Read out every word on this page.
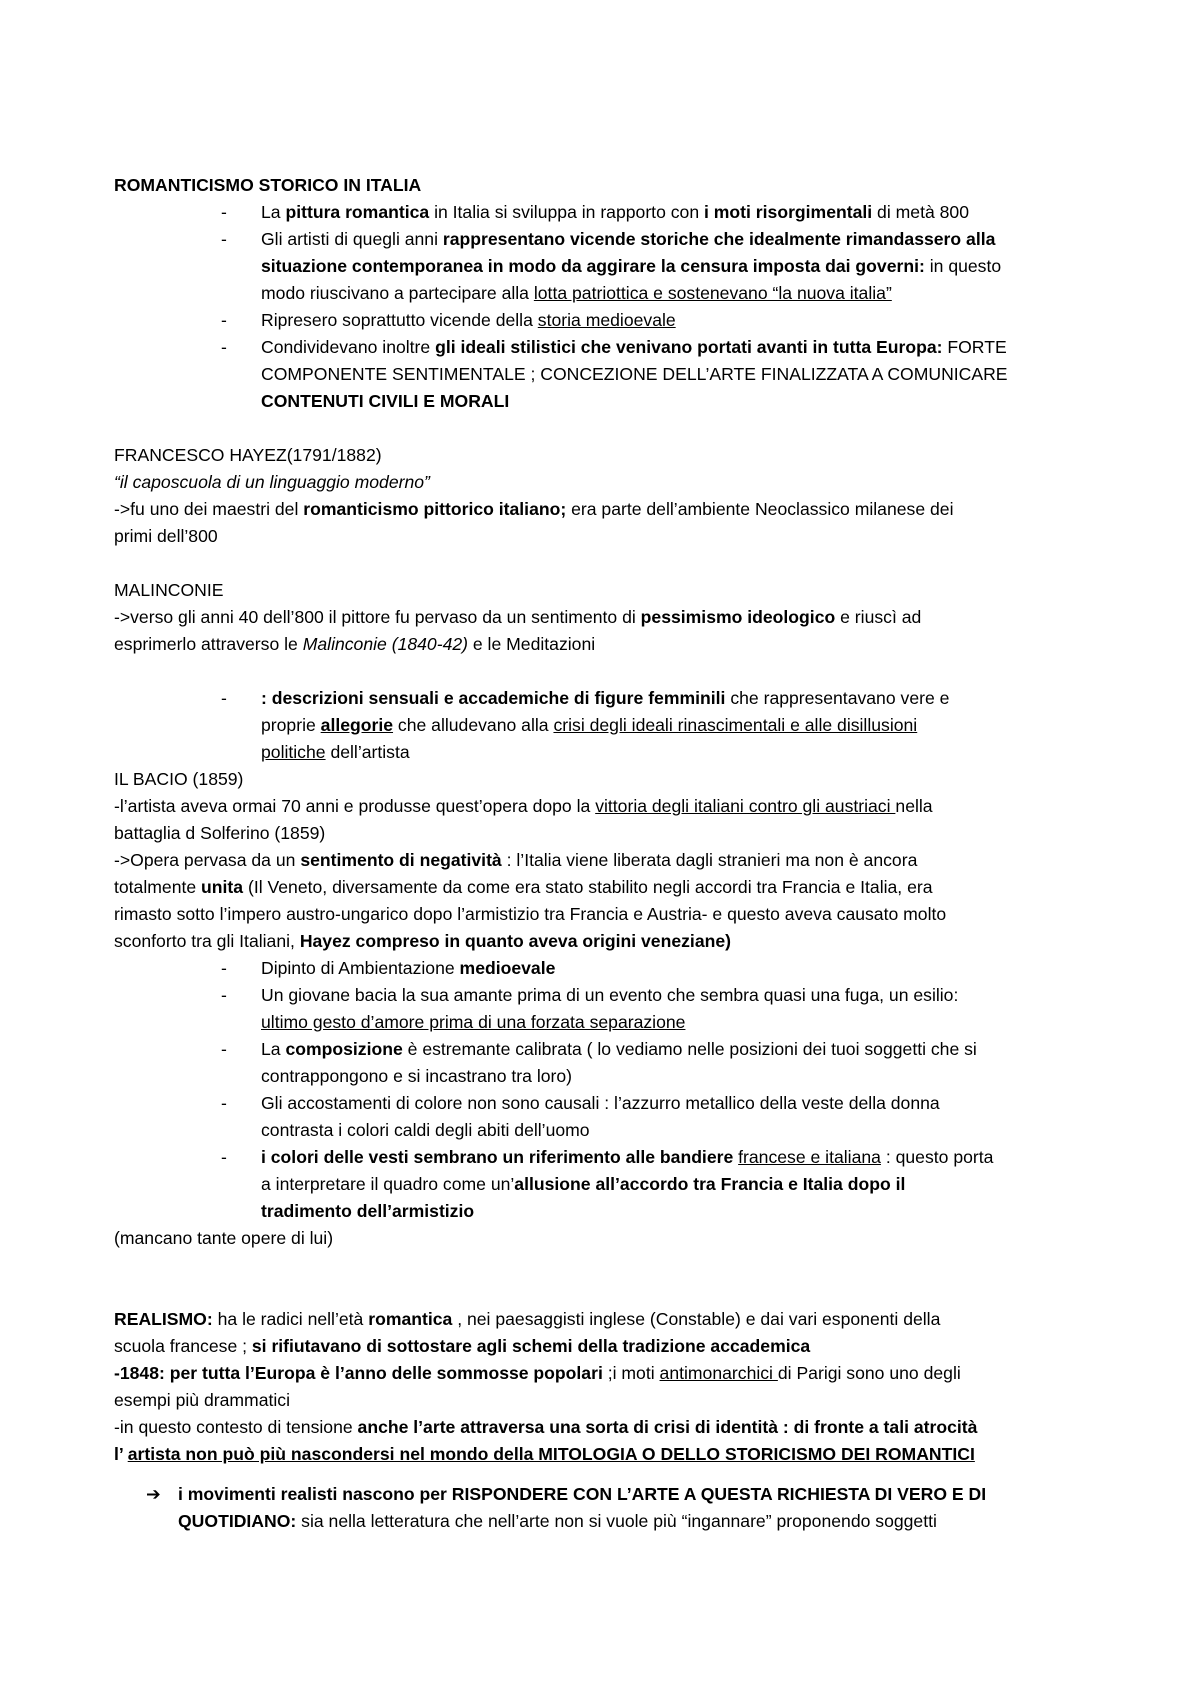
ROMANTICISMO STORICO IN ITALIA
- La pittura romantica in Italia si sviluppa in rapporto con i moti risorgimentali di metà 800
- Gli artisti di quegli anni rappresentano vicende storiche che idealmente rimandassero alla
situazione contemporanea in modo da aggirare la censura imposta dai governi: in questo
modo riuscivano a partecipare alla lotta patriottica e sostenevano “la nuova italia”
- Ripresero soprattutto vicende della storia medioevale
- Condividevano inoltre gli ideali stilistici che venivano portati avanti in tutta Europa: FORTE
COMPONENTE SENTIMENTALE ; CONCEZIONE DELL’ARTE FINALIZZATA A COMUNICARE
CONTENUTI CIVILI E MORALI
FRANCESCO HAYEZ(1791/1882)
“il caposcuola di un linguaggio moderno”
->fu uno dei maestri del romanticismo pittorico italiano; era parte dell’ambiente Neoclassico milanese dei
primi dell’800
MALINCONIE
->verso gli anni 40 dell’800 il pittore fu pervaso da un sentimento di pessimismo ideologico e riuscì ad
esprimerlo attraverso le Malinconie (1840-42) e le Meditazioni
- : descrizioni sensuali e accademiche di figure femminili che rappresentavano vere e
proprie allegorie che alludevano alla crisi degli ideali rinascimentali e alle disillusioni
politiche dell’artista
IL BACIO (1859)
-l’artista aveva ormai 70 anni e produsse quest’opera dopo la vittoria degli italiani contro gli austriaci nella
battaglia d Solferino (1859)
->Opera pervasa da un sentimento di negatività : l’Italia viene liberata dagli stranieri ma non è ancora
totalmente unita (Il Veneto, diversamente da come era stato stabilito negli accordi tra Francia e Italia, era
rimasto sotto l’impero austro-ungarico dopo l’armistizio tra Francia e Austria- e questo aveva causato molto
sconforto tra gli Italiani, Hayez compreso in quanto aveva origini veneziane)
- Dipinto di Ambientazione medioevale
- Un giovane bacia la sua amante prima di un evento che sembra quasi una fuga, un esilio:
ultimo gesto d’amore prima di una forzata separazione
- La composizione è estremante calibrata ( lo vediamo nelle posizioni dei tuoi soggetti che si
contrappongono e si incastrano tra loro)
- Gli accostamenti di colore non sono causali : l’azzurro metallico della veste della donna
contrasta i colori caldi degli abiti dell’uomo
- i colori delle vesti sembrano un riferimento alle bandiere francese e italiana : questo porta
a interpretare il quadro come un’allusione all’accordo tra Francia e Italia dopo il
tradimento dell’armistizio
(mancano tante opere di lui)
REALISMO: ha le radici nell’età romantica , nei paesaggisti inglese (Constable) e dai vari esponenti della
scuola francese ; si rifiutavano di sottostare agli schemi della tradizione accademica
-1848: per tutta l’Europa è l’anno delle sommosse popolari ;i moti antimonarchici di Parigi sono uno degli
esempi più drammatici
-in questo contesto di tensione anche l’arte attraversa una sorta di crisi di identità : di fronte a tali atrocità
l’ artista non può più nascondersi nel mondo della MITOLOGIA O DELLO STORICISMO DEI ROMANTICI
➔ i movimenti realisti nascono per RISPONDERE CON L’ARTE A QUESTA RICHIESTA DI VERO E DI
QUOTIDIANO: sia nella letteratura che nell’arte non si vuole più “ingannare” proponendo soggetti
